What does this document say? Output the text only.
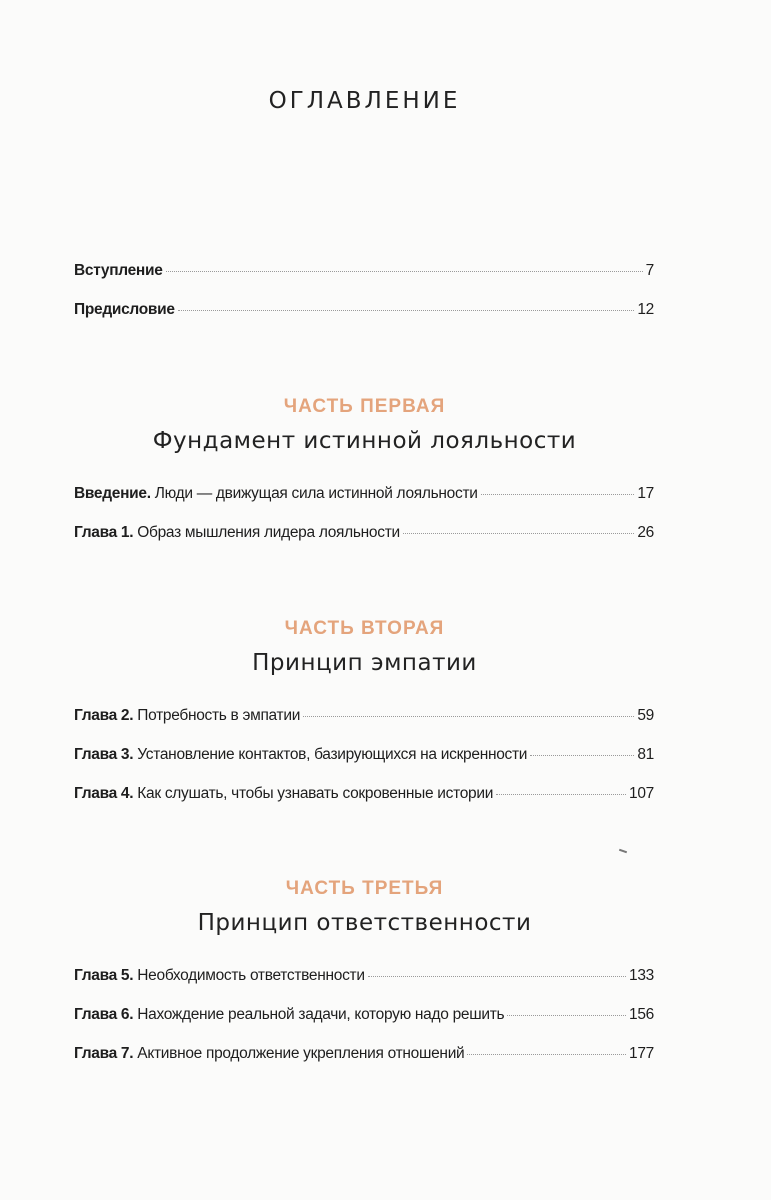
ОГЛАВЛЕНИЕ
Вступление	7
Предисловие	12
ЧАСТЬ ПЕРВАЯ
Фундамент истинной лояльности
Введение. Люди — движущая сила истинной лояльности	17
Глава 1. Образ мышления лидера лояльности	26
ЧАСТЬ ВТОРАЯ
Принцип эмпатии
Глава 2. Потребность в эмпатии	59
Глава 3. Установление контактов, базирующихся на искренности	81
Глава 4. Как слушать, чтобы узнавать сокровенные истории	107
ЧАСТЬ ТРЕТЬЯ
Принцип ответственности
Глава 5. Необходимость ответственности	133
Глава 6. Нахождение реальной задачи, которую надо решить	156
Глава 7. Активное продолжение укрепления отношений	177
